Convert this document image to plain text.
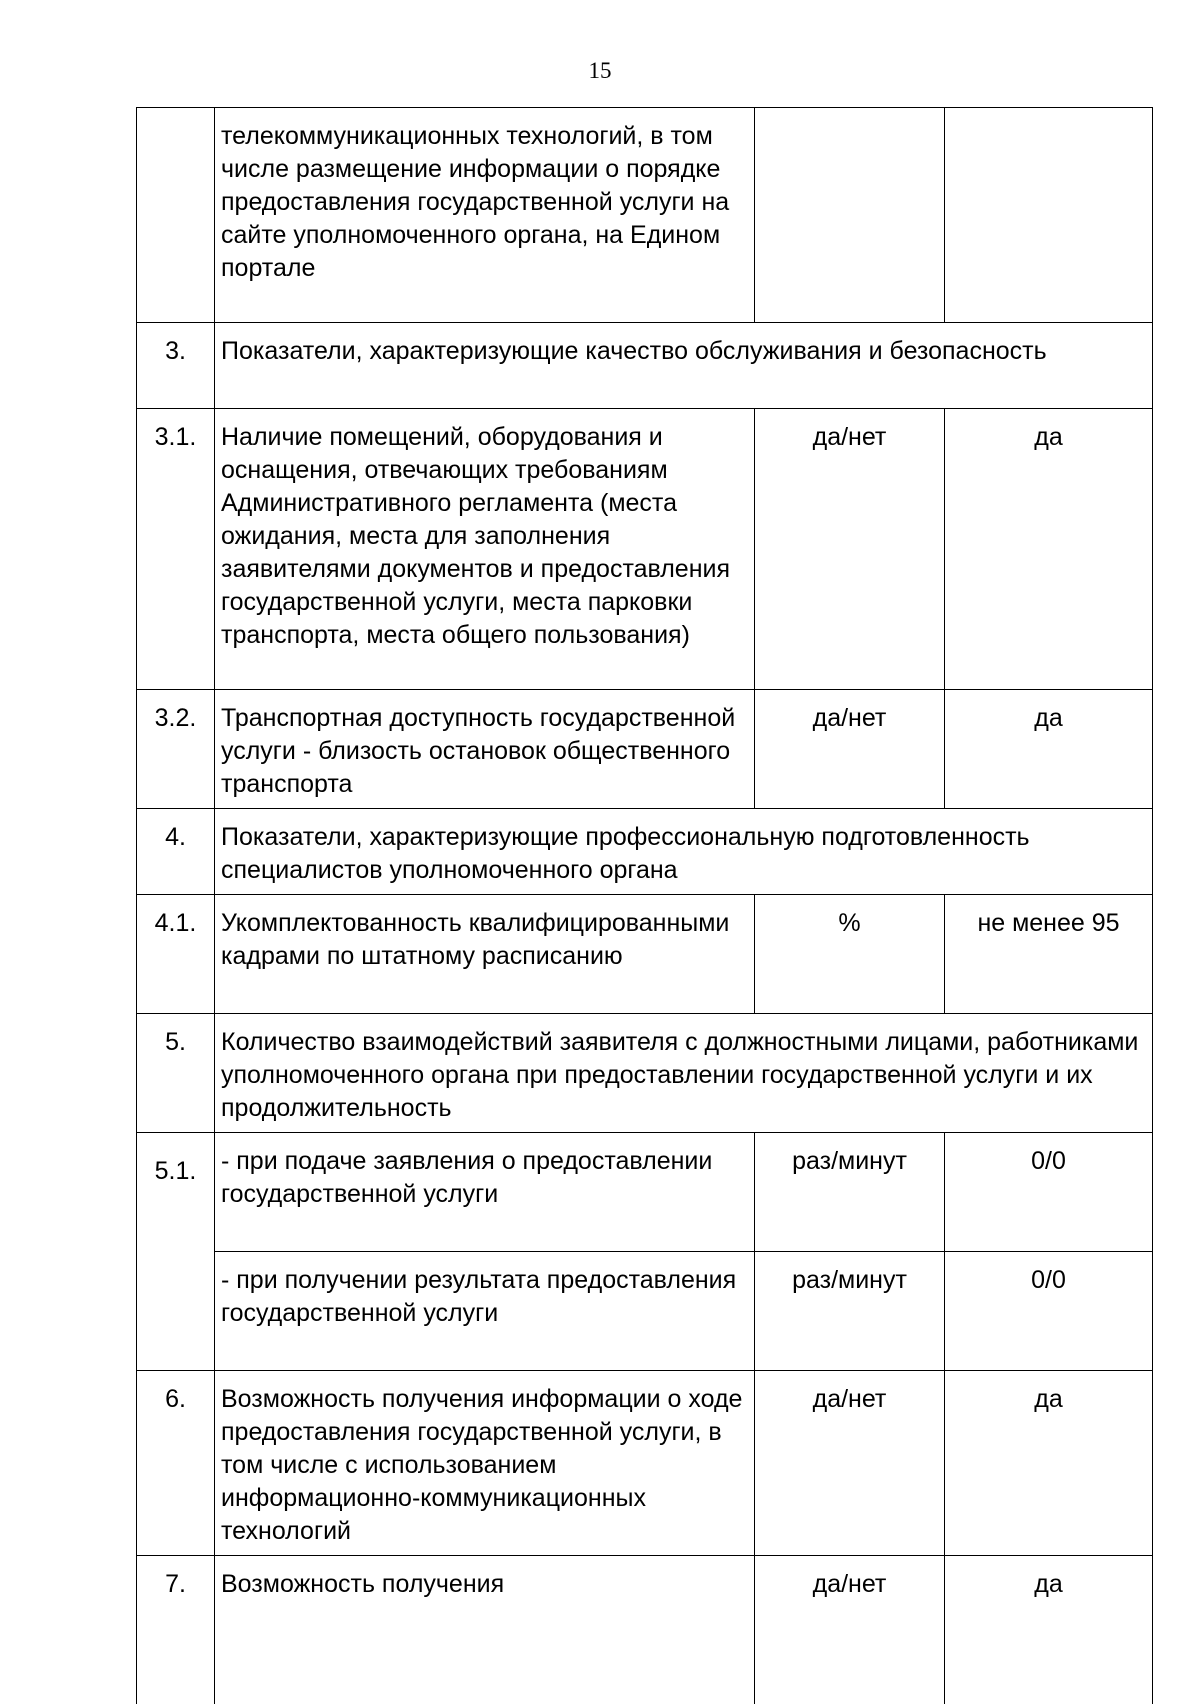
15
	телекоммуникационных технологий, в том числе размещение информации о порядке предоставления государственной услуги на сайте уполномоченного органа, на Едином портале		
3.	Показатели, характеризующие качество обслуживания и безопасность		
3.1.	Наличие помещений, оборудования и оснащения, отвечающих требованиям Административного регламента (места ожидания, места для заполнения заявителями документов и предоставления государственной услуги, места парковки транспорта, места общего пользования)	да/нет	да
3.2.	Транспортная доступность государственной услуги - близость остановок общественного транспорта	да/нет	да
4.	Показатели, характеризующие профессиональную подготовленность специалистов уполномоченного органа		
4.1.	Укомплектованность квалифицированными кадрами по штатному расписанию	%	не менее 95
5.	Количество взаимодействий заявителя с должностными лицами, работниками уполномоченного органа при предоставлении государственной услуги и их продолжительность		
5.1.	- при подаче заявления о предоставлении государственной услуги	раз/минут	0/0
	- при получении результата предоставления государственной услуги	раз/минут	0/0
6.	Возможность получения информации о ходе предоставления государственной услуги, в том числе с использованием информационно-коммуникационных технологий	да/нет	да
7.	Возможность получения	да/нет	да
